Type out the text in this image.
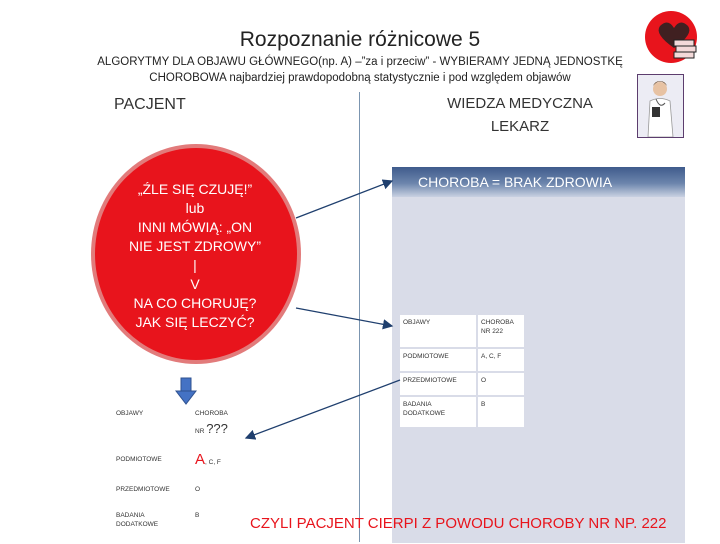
Rozpoznanie różnicowe 5
ALGORYTMY DLA OBJAWU GŁÓWNEGO(np. A) –”za i przeciw” - WYBIERAMY JEDNĄ JEDNOSTKĘ
CHOROBOWA najbardziej prawdopodobną statystycznie i pod względem objawów
PACJENT	WIEDZA MEDYCZNA
LEKARZ
CHOROBA = BRAK ZDROWIA
OBJAWY	CHOROBA NR 222
PODMIOTOWE	A, C, F
PRZEDMIOTOWE	O
BADANIA DODATKOWE	B
„ŹLE SIĘ CZUJĘ!”
lub
INNI MÓWIĄ: „ON
NIE JEST ZDROWY”
|
V
NA CO CHORUJĘ?
JAK SIĘ LECZYĆ?
OBJAWY	CHOROBA
NR ???

PODMIOTOWE	A, C, F
PRZEDMIOTOWE	O
BADANIA DODATKOWE	B	CZYLI PACJENT CIERPI Z POWODU CHOROBY NR NP. 222
